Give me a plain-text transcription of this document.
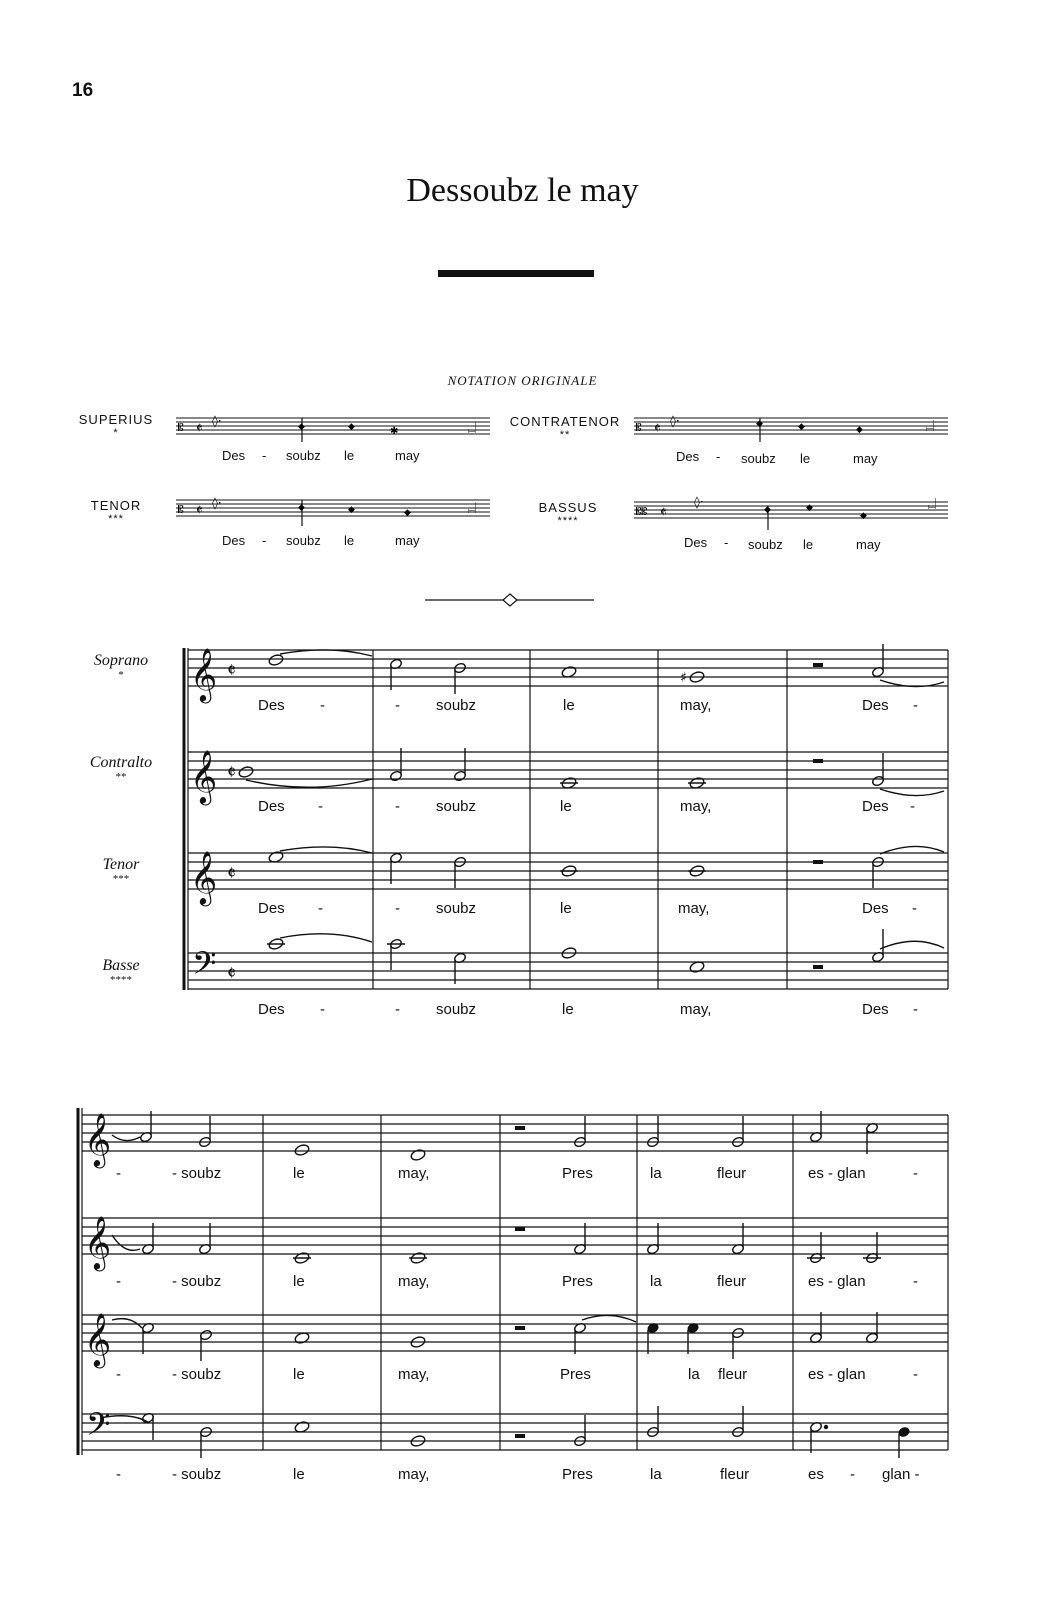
16
Dessoubz le may
NOTATION ORIGINALE
SUPERIUS
*
CONTRATENOR
**
TENOR
***
BASSUS
****
Des - soubz le	may	Des - soubz le	may
Des - soubz le	may	Des - soubz le	may
Soprano
*
Contralto
**
Tenor
***
Basse
****
Des -	- soubz	le	may,	Des -
Des -	- soubz	le	may,	Des -
Des -	- soubz	le	may,	Des -
Des -	- soubz	le	may,	Des -
-	- soubz	le	may,	Pres	la	fleur	es - glan	-
-	- soubz	le	may,	Pres	la	fleur	es - glan	-
-	- soubz	le	may,	Pres	la fleur	es - glan	-
-	- soubz	le	may,	Pres	la	fleur	es - glan -
𝄡 𝄵 ◊·	◆	◆	✱	𝆶	𝄡 𝄵 ◊·	◆	◆	◆	𝆶
𝄡 𝄵 ◊·	◆	◆	◆	𝆶	𝄡𝄡 𝄵
◊·
◆	◆
◆
𝆶
𝄞
𝄞
𝄞
𝄢
𝄵
𝄵
𝄵
𝄵
♯
𝄞
𝄞
𝄞
𝄢
